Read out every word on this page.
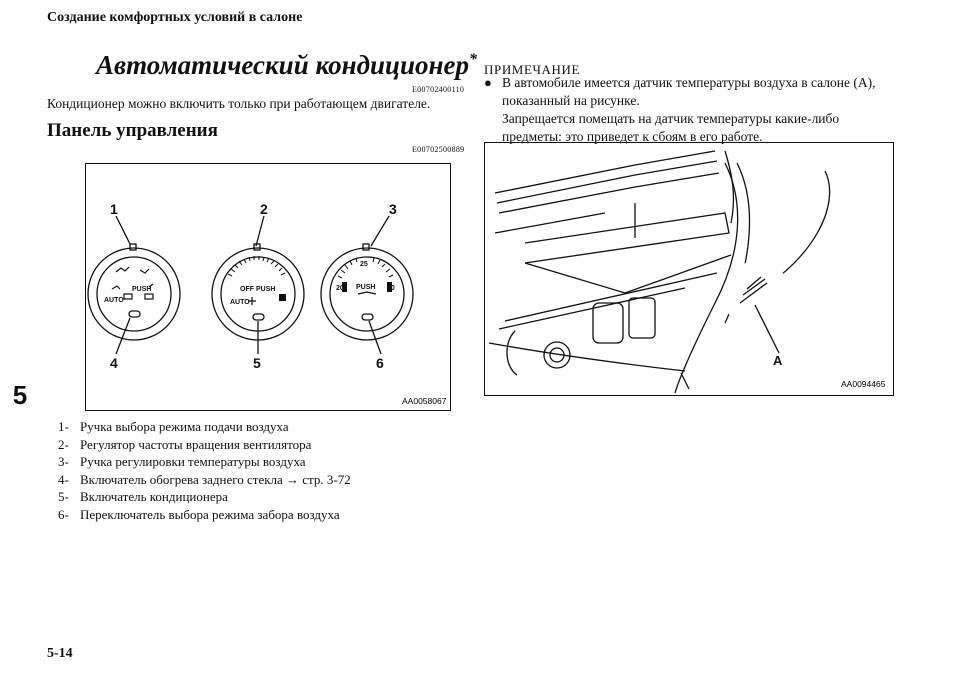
Создание комфортных условий в салоне
5
Автоматический кондиционер*
E00702400110
Кондиционер можно включить только при работающем двигателе.
Панель управления
E00702500889
PUSH
AUTO
OFF PUSH
AUTO
PUSH
20
25
30
1	2	3
4	5	6
AA0058067
1- Ручка выбора режима подачи воздуха
2- Регулятор частоты вращения вентилятора
3- Ручка регулировки температуры воздуха
4- Включатель обогрева заднего стекла → стр. 3-72
5- Включатель кондиционера
6- Переключатель выбора режима забора воздуха
ПРИМЕЧАНИЕ
● В автомобиле имеется датчик температуры воздуха в салоне (A),
показанный на рисунке.
Запрещается помещать на датчик температуры какие-либо
предметы: это приведет к сбоям в его работе.
A
AA0094465
5-14
